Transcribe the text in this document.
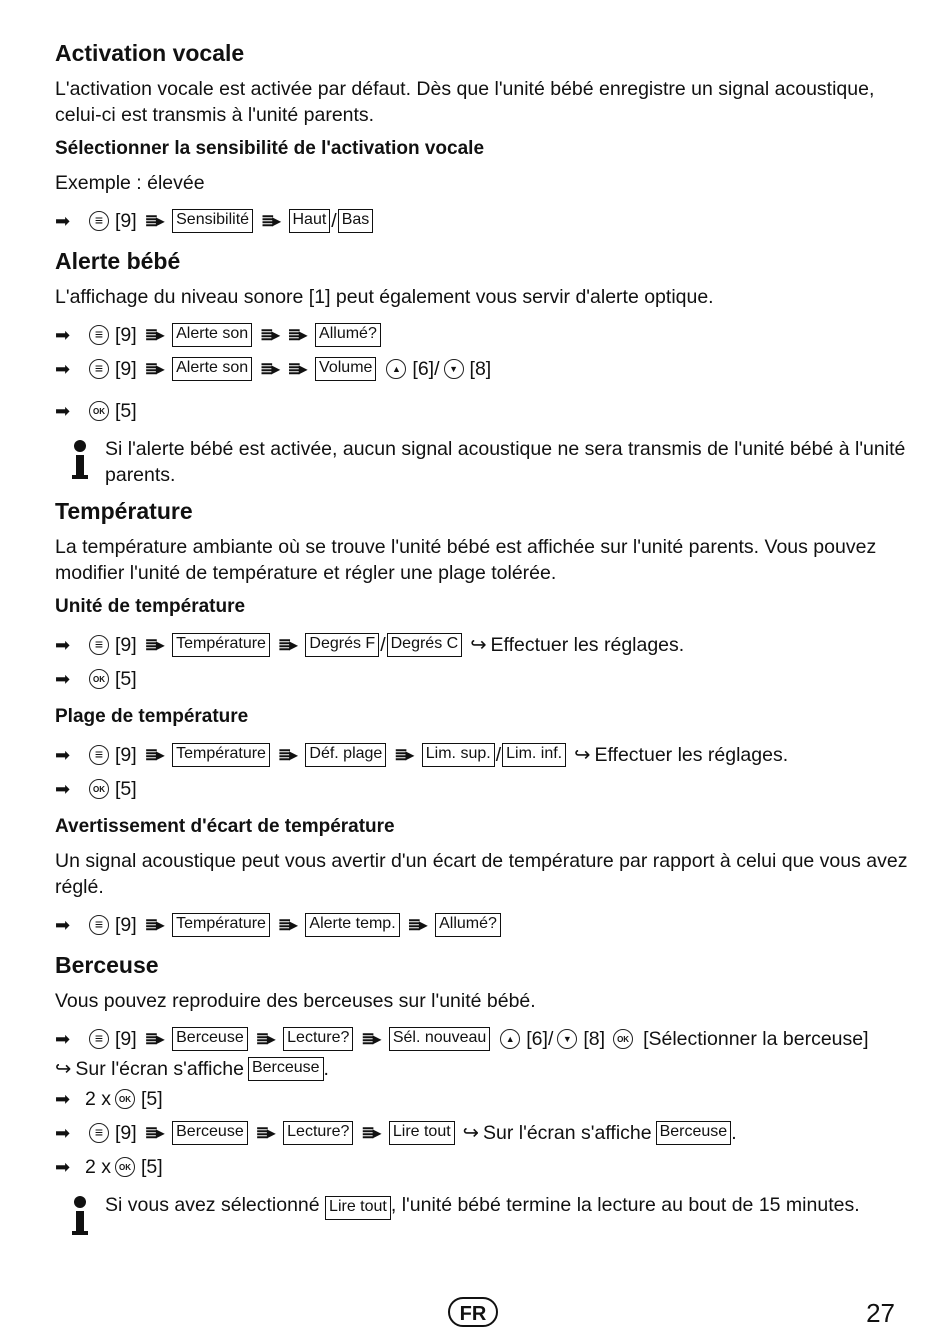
Activation vocale

L'activation vocale est activée par défaut. Dès que l'unité bébé enregistre un signal acoustique, celui-ci est transmis à l'unité parents.

Sélectionner la sensibilité de l'activation vocale

Exemple : élevée

➡ ≡	[9] ≣▸ Sensibilité ≣▸ Haut / Bas
Alerte bébé

L'affichage du niveau sonore [1] peut également vous servir d'alerte optique.

➡ ≡	[9] ≣▸ Alerte son ≣▸ ≣▸ Allumé?
➡ ≡	[9] ≣▸ Alerte son ≣▸ ≣▸ Volume ▲ [6]/ ▼ [8]
➡	OK [5]
Si l'alerte bébé est activée, aucun signal acoustique ne sera transmis de l'unité bébé à l'unité parents.
Température

La température ambiante où se trouve l'unité bébé est affichée sur l'unité parents. Vous pouvez modifier l'unité de température et régler une plage tolérée.

Unité de température
➡ ≡	[9] ≣▸ Température ≣▸ Degrés F / Degrés C ↪ Effectuer les réglages.
➡	OK [5]
Plage de température
➡ ≡	[9] ≣▸ Température ≣▸ Déf. plage ≣▸ Lim. sup. / Lim. inf. ↪ Effectuer les réglages.
➡	OK [5]
Avertissement d'écart de température

Un signal acoustique peut vous avertir d'un écart de température par rapport à celui que vous avez réglé.

➡ ≡	[9] ≣▸ Température ≣▸ Alerte temp. ≣▸ Allumé?
Berceuse

Vous pouvez reproduire des berceuses sur l'unité bébé.

➡ ≡	[9] ≣▸ Berceuse ≣▸ Lecture? ≣▸ Sél. nouveau ▲ [6]/ ▼ [8]	OK [Sélectionner la berceuse]
↪ Sur l'écran s'affiche Berceuse .
➡ 2 x	OK [5]
➡ ≡	[9] ≣▸ Berceuse ≣▸ Lecture? ≣▸ Lire tout ↪ Sur l'écran s'affiche Berceuse .
➡ 2 x	OK [5]
Si vous avez sélectionné Lire tout , l'unité bébé termine la lecture au bout de 15 minutes.
FR	27
